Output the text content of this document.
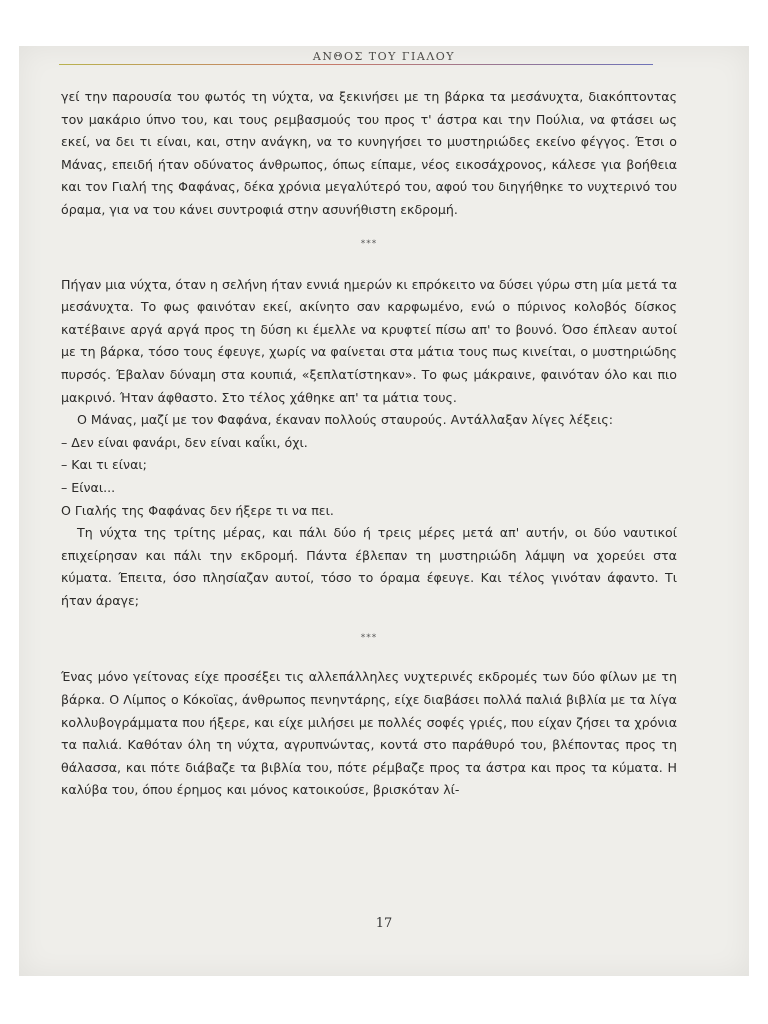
ΑΝΘΟΣ ΤΟΥ ΓΙΑΛΟΥ

γεί την παρουσία του φωτός τη νύχτα, να ξεκινήσει με τη βάρκα τα μεσάνυχτα, διακόπτοντας τον μακάριο ύπνο του, και τους ρεμβασμούς του προς τ' άστρα και την Πούλια, να φτάσει ως εκεί, να δει τι είναι, και, στην ανάγκη, να το κυνηγήσει το μυστηριώδες εκείνο φέγγος. Έτσι ο Μάνας, επειδή ήταν οδύνατος άνθρωπος, όπως είπαμε, νέος εικοσάχρονος, κάλεσε για βοήθεια και τον Γιαλή της Φαφάνας, δέκα χρόνια μεγαλύτερό του, αφού του διηγήθηκε το νυχτερινό του όραμα, για να του κάνει συντροφιά στην ασυνήθιστη εκδρομή.

***

Πήγαν μια νύχτα, όταν η σελήνη ήταν εννιά ημερών κι επρόκειτο να δύσει γύρω στη μία μετά τα μεσάνυχτα. Το φως φαινόταν εκεί, ακίνητο σαν καρφωμένο, ενώ ο πύρινος κολοβός δίσκος κατέβαινε αργά αργά προς τη δύση κι έμελλε να κρυφτεί πίσω απ' το βουνό. Όσο έπλεαν αυτοί με τη βάρκα, τόσο τους έφευγε, χωρίς να φαίνεται στα μάτια τους πως κινείται, ο μυστηριώδης πυρσός. Έβαλαν δύναμη στα κουπιά, «ξεπλατίστηκαν». Το φως μάκραινε, φαινόταν όλο και πιο μακρινό. Ήταν άφθαστο. Στο τέλος χάθηκε απ' τα μάτια τους.

Ο Μάνας, μαζί με τον Φαφάνα, έκαναν πολλούς σταυρούς. Αντάλλαξαν λίγες λέξεις:

– Δεν είναι φανάρι, δεν είναι καΐκι, όχι.

– Και τι είναι;

– Είναι...

Ο Γιαλής της Φαφάνας δεν ήξερε τι να πει.

Τη νύχτα της τρίτης μέρας, και πάλι δύο ή τρεις μέρες μετά απ' αυτήν, οι δύο ναυτικοί επιχείρησαν και πάλι την εκδρομή. Πάντα έβλεπαν τη μυστηριώδη λάμψη να χορεύει στα κύματα. Έπειτα, όσο πλησίαζαν αυτοί, τόσο το όραμα έφευγε. Και τέλος γινόταν άφαντο. Τι ήταν άραγε;

***

Ένας μόνο γείτονας είχε προσέξει τις αλλεπάλληλες νυχτερινές εκδρομές των δύο φίλων με τη βάρκα. Ο Λίμπος ο Κόκοϊας, άνθρωπος πενηντάρης, είχε διαβάσει πολλά παλιά βιβλία με τα λίγα κολλυβογράμματα που ήξερε, και είχε μιλήσει με πολλές σοφές γριές, που είχαν ζήσει τα χρόνια τα παλιά. Καθόταν όλη τη νύχτα, αγρυπνώντας, κοντά στο παράθυρό του, βλέποντας προς τη θάλασσα, και πότε διάβαζε τα βιβλία του, πότε ρέμβαζε προς τα άστρα και προς τα κύματα. Η καλύβα του, όπου έρημος και μόνος κατοικούσε, βρισκόταν λί-

17
